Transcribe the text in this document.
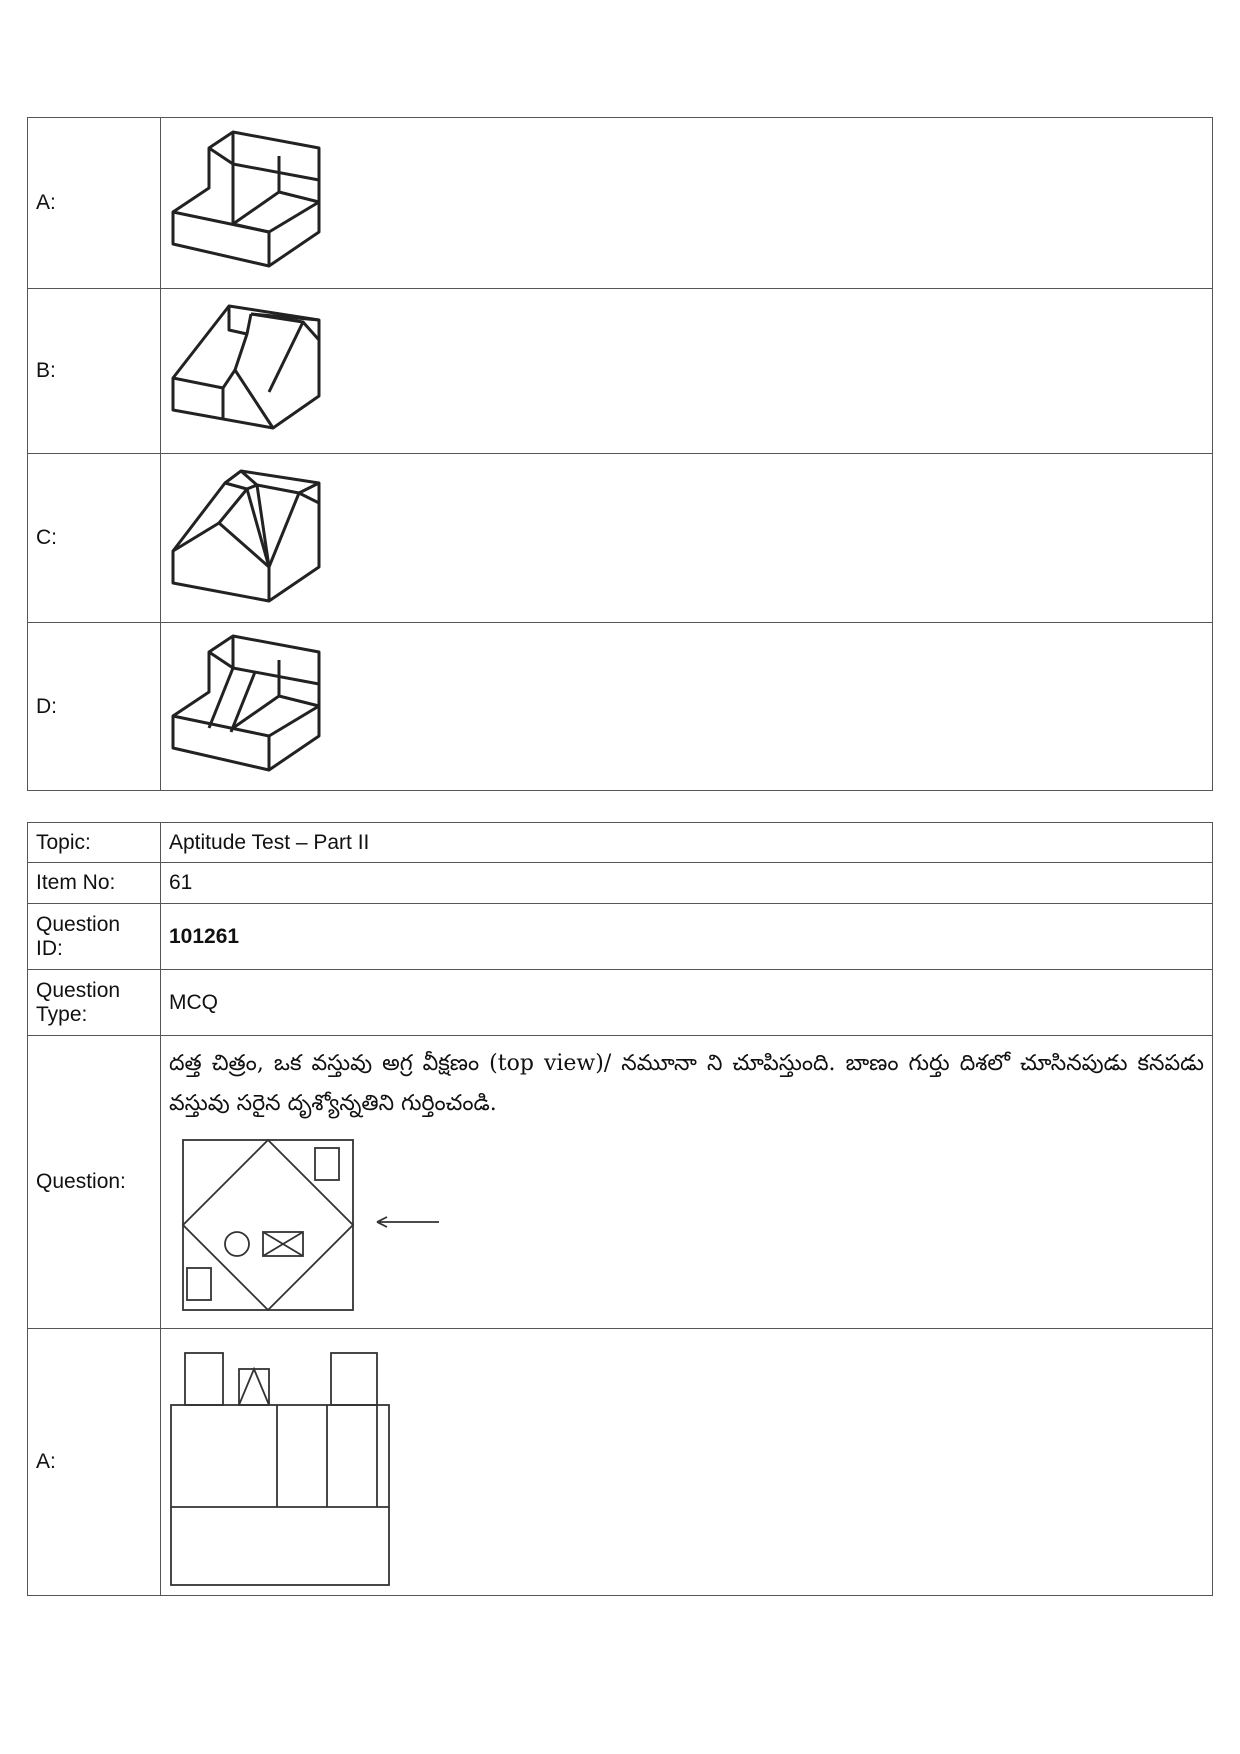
A:	

B:	

C:	

D:	
Topic:	Aptitude Test – Part II
Item No:	61
Question ID:	101261
Question Type:	MCQ
Question:	దత్త చిత్రం, ఒక వస్తువు అగ్ర వీక్షణం (top view)/ నమూనా ని చూపిస్తుంది. బాణం గుర్తు దిశలో చూసినపుడు కనపడు వస్తువు సరైన దృశ్యోన్నతిని గుర్తించండి.

A:	
